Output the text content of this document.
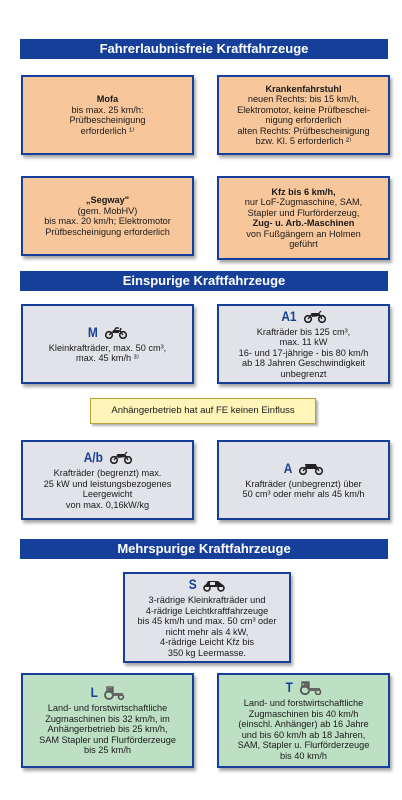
Fahrerlaubnisfreie Kraftfahrzeuge
Einspurige Kraftfahrzeuge
Mehrspurige Kraftfahrzeuge
Mofa
bis max. 25 km/h:
Prüfbescheinigung
erforderlich ¹⁾
Krankenfahrstuhl
neuen Rechts: bis 15 km/h,
Elektromotor, keine Prüfbeschei-
nigung erforderlich
alten Rechts: Prüfbescheinigung
bzw. Kl. 5 erforderlich ²⁾
„Segway"
(gem. MobHV)
bis max. 20 km/h; Elektromotor
Prüfbescheinigung erforderlich
Kfz bis 6 km/h,
nur LoF-Zugmaschine, SAM,
Stapler und Flurförderzeug,
Zug- u. Arb.-Maschinen
von Fußgängern an Holmen
geführt
M
Kleinkrafträder, max. 50 cm³,
max. 45 km/h ³⁾
A1
Krafträder bis 125 cm³,
max. 11 kW
16- und 17-jährige - bis 80 km/h
ab 18 Jahren Geschwindigkeit
unbegrenzt
Anhängerbetrieb hat auf FE keinen Einfluss
A/b
Krafträder (begrenzt) max.
25 kW und leistungsbezogenes
Leergewicht
von max. 0,16kW/kg
A
Krafträder (unbegrenzt) über
50 cm³ oder mehr als 45 km/h
S
3-rädrige Kleinkrafträder und
4-rädrige Leichtkraftfahrzeuge
bis 45 km/h und max. 50 cm³ oder
nicht mehr als 4 kW,
4-rädrige Leicht Kfz bis
350 kg Leermasse.
L
Land- und forstwirtschaftliche
Zugmaschinen bis 32 km/h, im
Anhängerbetrieb bis 25 km/h,
SAM Stapler und Flurförderzeuge
bis 25 km/h
T
Land- und forstwirtschaftliche
Zugmaschinen bis 40 km/h
(einschl. Anhänger) ab 16 Jahre
und bis 60 km/h ab 18 Jahren,
SAM, Stapler u. Flurförderzeuge
bis 40 km/h
